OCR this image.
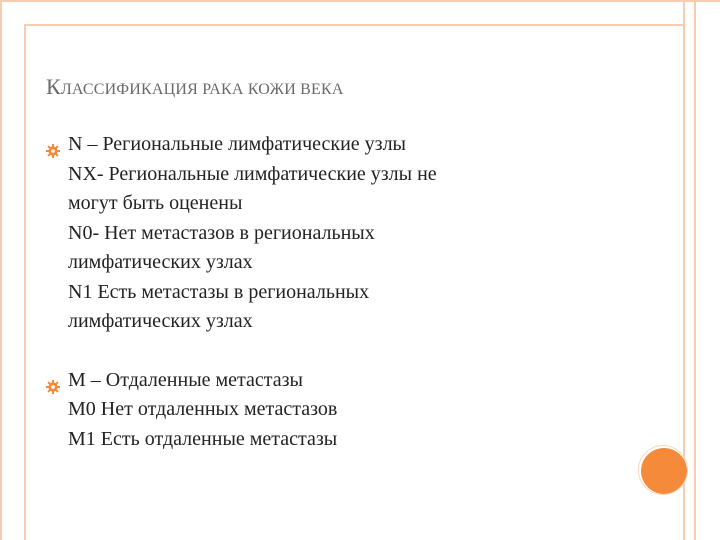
КЛАССИФИКАЦИЯ РАКА КОЖИ ВЕКА
N – Региональные лимфатические узлы
NX- Региональные лимфатические узлы не
могут быть оценены
N0- Нет метастазов в региональных
лимфатических узлах
N1 Есть метастазы в региональных
лимфатических узлах
M – Отдаленные метастазы
M0 Нет отдаленных метастазов
M1 Есть отдаленные метастазы
